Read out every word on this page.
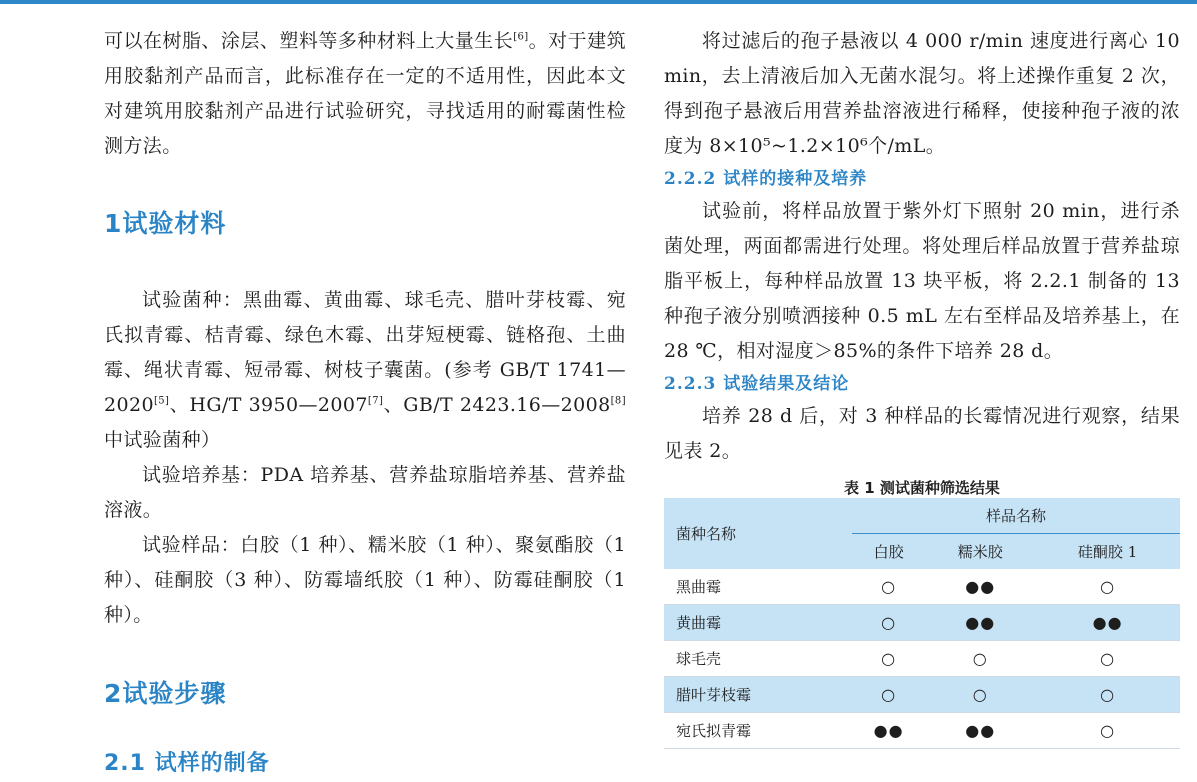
可以在树脂、涂层、塑料等多种材料上大量生长[6]。对于建筑用胶黏剂产品而言，此标准存在一定的不适用性，因此本文对建筑用胶黏剂产品进行试验研究，寻找适用的耐霉菌性检测方法。

1试验材料

试验菌种：黑曲霉、黄曲霉、球毛壳、腊叶芽枝霉、宛氏拟青霉、桔青霉、绿色木霉、出芽短梗霉、链格孢、土曲霉、绳状青霉、短帚霉、树枝子囊菌。(参考 GB/T 1741—2020[5]、HG/T 3950—2007[7]、GB/T 2423.16—2008[8]中试验菌种）

试验培养基：PDA 培养基、营养盐琼脂培养基、营养盐溶液。

试验样品：白胶（1 种）、糯米胶（1 种）、聚氨酯胶（1 种）、硅酮胶（3 种）、防霉墙纸胶（1 种）、防霉硅酮胶（1 种）。

2试验步骤
2.1 试样的制备

将过滤后的孢子悬液以 4 000 r/min 速度进行离心 10 min，去上清液后加入无菌水混匀。将上述操作重复 2 次，得到孢子悬液后用营养盐溶液进行稀释，使接种孢子液的浓度为 8×10⁵~1.2×10⁶个/mL。

2.2.2 试样的接种及培养

试验前，将样品放置于紫外灯下照射 20 min，进行杀菌处理，两面都需进行处理。将处理后样品放置于营养盐琼脂平板上，每种样品放置 13 块平板，将 2.2.1 制备的 13 种孢子液分别喷洒接种 0.5 mL 左右至样品及培养基上，在 28 ℃，相对湿度＞85%的条件下培养 28 d。

2.2.3 试验结果及结论

培养 28 d 后，对 3 种样品的长霉情况进行观察，结果见表 2。

表 1 测试菌种筛选结果

菌种名称	样品名称		
	白胶	糯米胶	硅酮胶 1
黑曲霉	○	●●	○
黄曲霉	○	●●	●●
球毛壳	○	○	○
腊叶芽枝霉	○	○	○
宛氏拟青霉	●●	●●	○
